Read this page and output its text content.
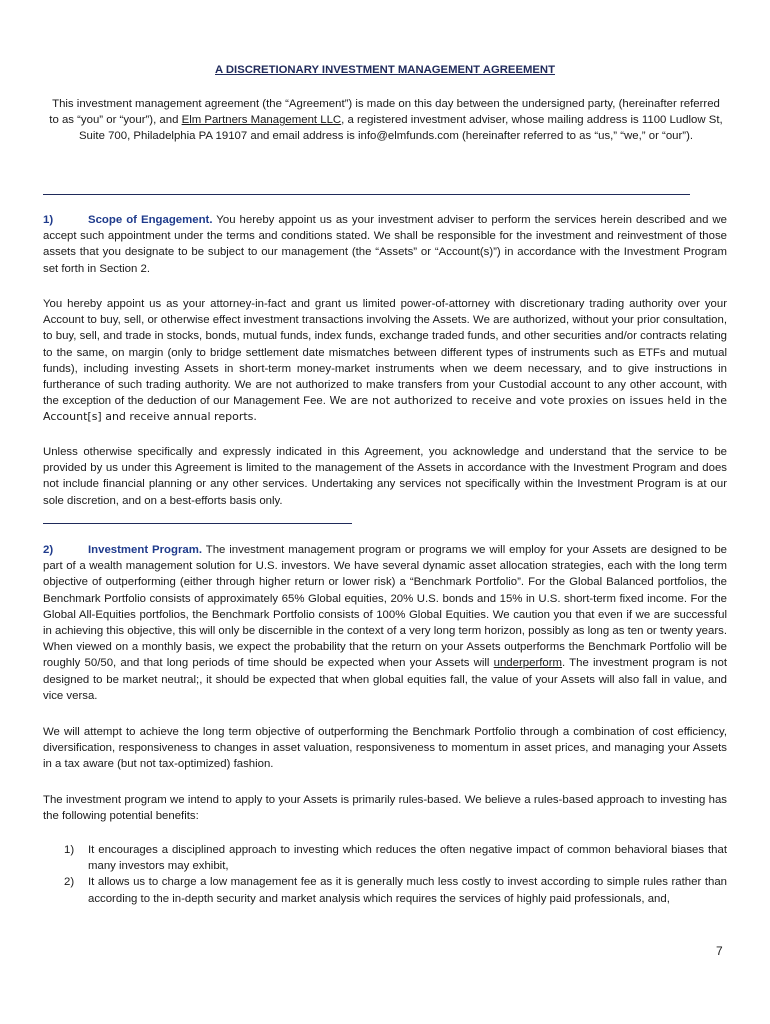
A DISCRETIONARY INVESTMENT MANAGEMENT AGREEMENT
This investment management agreement (the “Agreement”) is made on this day between the undersigned party, (hereinafter referred to as “you” or “your”), and Elm Partners Management LLC, a registered investment adviser, whose mailing address is 1100 Ludlow St, Suite 700, Philadelphia PA 19107 and email address is info@elmfunds.com (hereinafter referred to as “us,” “we,” or “our”).
1)	Scope of Engagement. You hereby appoint us as your investment adviser to perform the services herein described and we accept such appointment under the terms and conditions stated. We shall be responsible for the investment and reinvestment of those assets that you designate to be subject to our management (the “Assets” or “Account(s)”) in accordance with the Investment Program set forth in Section 2.
You hereby appoint us as your attorney-in-fact and grant us limited power-of-attorney with discretionary trading authority over your Account to buy, sell, or otherwise effect investment transactions involving the Assets. We are authorized, without your prior consultation, to buy, sell, and trade in stocks, bonds, mutual funds, index funds, exchange traded funds, and other securities and/or contracts relating to the same, on margin (only to bridge settlement date mismatches between different types of instruments such as ETFs and mutual funds), including investing Assets in short-term money-market instruments when we deem necessary, and to give instructions in furtherance of such trading authority. We are not authorized to make transfers from your Custodial account to any other account, with the exception of the deduction of our Management Fee. We are not authorized to receive and vote proxies on issues held in the Account[s] and receive annual reports.
Unless otherwise specifically and expressly indicated in this Agreement, you acknowledge and understand that the service to be provided by us under this Agreement is limited to the management of the Assets in accordance with the Investment Program and does not include financial planning or any other services. Undertaking any services not specifically within the Investment Program is at our sole discretion, and on a best-efforts basis only.
2)	Investment Program. The investment management program or programs we will employ for your Assets are designed to be part of a wealth management solution for U.S. investors. We have several dynamic asset allocation strategies, each with the long term objective of outperforming (either through higher return or lower risk) a “Benchmark Portfolio”. For the Global Balanced portfolios, the Benchmark Portfolio consists of approximately 65% Global equities, 20% U.S. bonds and 15% in U.S. short-term fixed income. For the Global All-Equities portfolios, the Benchmark Portfolio consists of 100% Global Equities. We caution you that even if we are successful in achieving this objective, this will only be discernible in the context of a very long term horizon, possibly as long as ten or twenty years. When viewed on a monthly basis, we expect the probability that the return on your Assets outperforms the Benchmark Portfolio will be roughly 50/50, and that long periods of time should be expected when your Assets will underperform. The investment program is not designed to be market neutral;, it should be expected that when global equities fall, the value of your Assets will also fall in value, and vice versa.
We will attempt to achieve the long term objective of outperforming the Benchmark Portfolio through a combination of cost efficiency, diversification, responsiveness to changes in asset valuation, responsiveness to momentum in asset prices, and managing your Assets in a tax aware (but not tax-optimized) fashion.
The investment program we intend to apply to your Assets is primarily rules-based. We believe a rules-based approach to investing has the following potential benefits:
1)	It encourages a disciplined approach to investing which reduces the often negative impact of common behavioral biases that many investors may exhibit,
2)	It allows us to charge a low management fee as it is generally much less costly to invest according to simple rules rather than according to the in-depth security and market analysis which requires the services of highly paid professionals, and,
7
